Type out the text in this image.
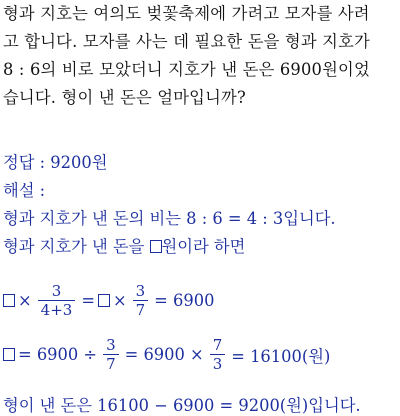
형과 지호는 여의도 벚꽃축제에 가려고 모자를 사려
고 합니다. 모자를 사는 데 필요한 돈을 형과 지호가
8 : 6의 비로 모았더니 지호가 낸 돈은 6900원이었
습니다. 형이 낸 돈은 얼마입니까?
정답 : 9200원
해설 :
형과 지호가 낸 돈의 비는 8 : 6 = 4 : 3입니다.
형과 지호가 낸 돈을 원이라 하면
× $\frac{3}{4+3}$ = × $\frac{3}{7} = 6900$
= $6900 \div \frac{3}{7} = 6900 \times \frac{7}{3} = 16100$(원)
형이 낸 돈은 16100 − 6900 = 9200(원)입니다.
